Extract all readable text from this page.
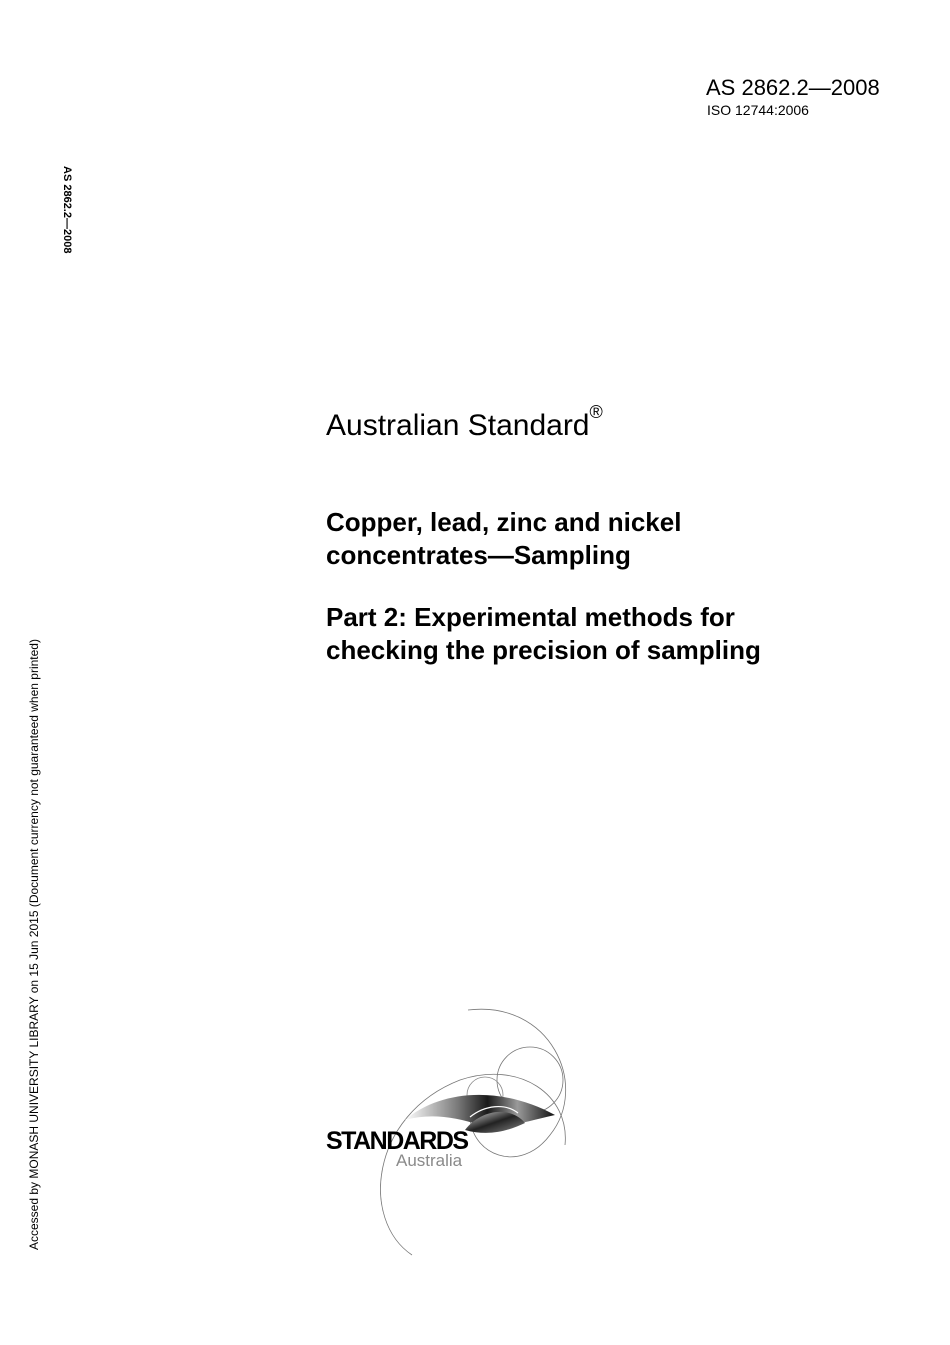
AS 2862.2—2008
ISO 12744:2006
AS 2862.2—2008
Accessed by MONASH UNIVERSITY LIBRARY on 15 Jun 2015 (Document currency not guaranteed when printed)
Australian Standard®
Copper, lead, zinc and nickel
concentrates—Sampling
Part 2: Experimental methods for
checking the precision of sampling
STANDARDS
Australia
